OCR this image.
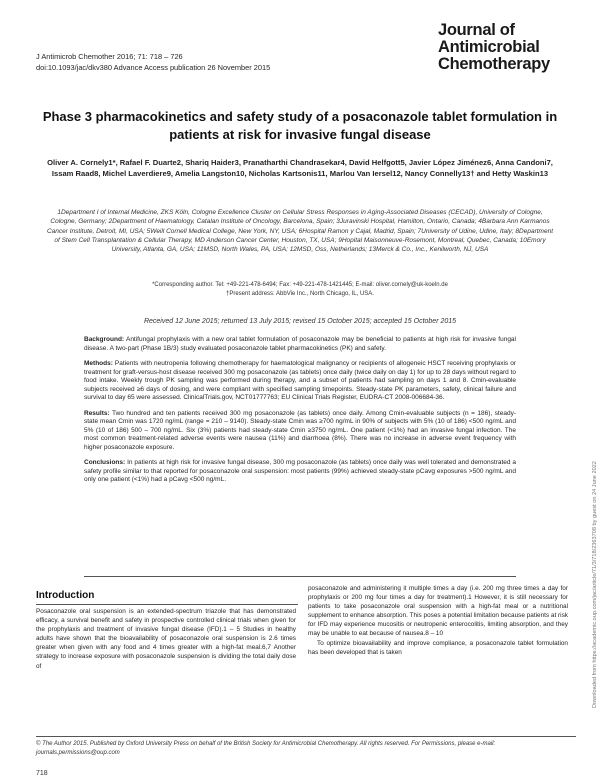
J Antimicrob Chemother 2016; 71: 718 – 726
doi:10.1093/jac/dkv380 Advance Access publication 26 November 2015
Journal of
Antimicrobial
Chemotherapy
Phase 3 pharmacokinetics and safety study of a posaconazole tablet formulation in patients at risk for invasive fungal disease
Oliver A. Cornely1*, Rafael F. Duarte2, Shariq Haider3, Pranatharthi Chandrasekar4, David Helfgott5, Javier López Jiménez6, Anna Candoni7, Issam Raad8, Michel Laverdiere9, Amelia Langston10, Nicholas Kartsonis11, Marlou Van Iersel12, Nancy Connelly13† and Hetty Waskin13
1Department I of Internal Medicine, ZKS Köln, Cologne Excellence Cluster on Cellular Stress Responses in Aging-Associated Diseases (CECAD), University of Cologne, Cologne, Germany; 2Department of Haematology, Catalan Institute of Oncology, Barcelona, Spain; 3Juravinski Hospital, Hamilton, Ontario, Canada; 4Barbara Ann Karmanos Cancer Institute, Detroit, MI, USA; 5Weill Cornell Medical College, New York, NY, USA; 6Hospital Ramon y Cajal, Madrid, Spain; 7University of Udine, Udine, Italy; 8Department of Stem Cell Transplantation & Cellular Therapy, MD Anderson Cancer Center, Houston, TX, USA; 9Hopital Maisonneuve-Rosemont, Montreal, Quebec, Canada; 10Emory University, Atlanta, GA, USA; 11MSD, North Wales, PA, USA; 12MSD, Oss, Netherlands; 13Merck & Co., Inc., Kenilworth, NJ, USA
*Corresponding author. Tel: +49-221-478-6494; Fax: +49-221-478-1421445; E-mail: oliver.cornely@uk-koeln.de
†Present address: AbbVie Inc., North Chicago, IL, USA.
Received 12 June 2015; returned 13 July 2015; revised 15 October 2015; accepted 15 October 2015

Background: Antifungal prophylaxis with a new oral tablet formulation of posaconazole may be beneficial to patients at high risk for invasive fungal disease. A two-part (Phase 1B/3) study evaluated posaconazole tablet pharmacokinetics (PK) and safety.

Methods: Patients with neutropenia following chemotherapy for haematological malignancy or recipients of allogeneic HSCT receiving prophylaxis or treatment for graft-versus-host disease received 300 mg posaconazole (as tablets) once daily (twice daily on day 1) for up to 28 days without regard to food intake. Weekly trough PK sampling was performed during therapy, and a subset of patients had sampling on days 1 and 8. Cmin-evaluable subjects received ≥6 days of dosing, and were compliant with specified sampling timepoints. Steady-state PK parameters, safety, clinical failure and survival to day 65 were assessed. ClinicalTrials.gov, NCT01777763; EU Clinical Trials Register, EUDRA-CT 2008-006684-36.

Results: Two hundred and ten patients received 300 mg posaconazole (as tablets) once daily. Among Cmin-evaluable subjects (n = 186), steady-state mean Cmin was 1720 ng/mL (range = 210 – 9140). Steady-state Cmin was ≥700 ng/mL in 90% of subjects with 5% (10 of 186) <500 ng/mL and 5% (10 of 186) 500 – 700 ng/mL. Six (3%) patients had steady-state Cmin ≥3750 ng/mL. One patient (<1%) had an invasive fungal infection. The most common treatment-related adverse events were nausea (11%) and diarrhoea (8%). There was no increase in adverse event frequency with higher posaconazole exposure.

Conclusions: In patients at high risk for invasive fungal disease, 300 mg posaconazole (as tablets) once daily was well tolerated and demonstrated a safety profile similar to that reported for posaconazole oral suspension: most patients (99%) achieved steady-state pCavg exposures >500 ng/mL and only one patient (<1%) had a pCavg <500 ng/mL.

Introduction

Posaconazole oral suspension is an extended-spectrum triazole that has demonstrated efficacy, a survival benefit and safety in prospective controlled clinical trials when given for the prophylaxis and treatment of invasive fungal disease (IFD).1 – 5 Studies in healthy adults have shown that the bioavailability of posaconazole oral suspension is 2.6 times greater when given with any food and 4 times greater with a high-fat meal.6,7 Another strategy to increase exposure with posaconazole suspension is dividing the total daily dose of

posaconazole and administering it multiple times a day (i.e. 200 mg three times a day for prophylaxis or 200 mg four times a day for treatment).1 However, it is still necessary for patients to take posaconazole oral suspension with a high-fat meal or a nutritional supplement to enhance absorption. This poses a potential limitation because patients at risk for IFD may experience mucositis or neutropenic enterocolitis, limiting absorption, and they may be unable to eat because of nausea.8 – 10

To optimize bioavailability and improve compliance, a posaconazole tablet formulation has been developed that is taken

© The Author 2015. Published by Oxford University Press on behalf of the British Society for Antimicrobial Chemotherapy. All rights reserved. For Permissions, please e-mail: journals.permissions@oup.com
718
Downloaded from https://academic.oup.com/jac/article/71/3/718/2363708 by guest on 24 June 2022
